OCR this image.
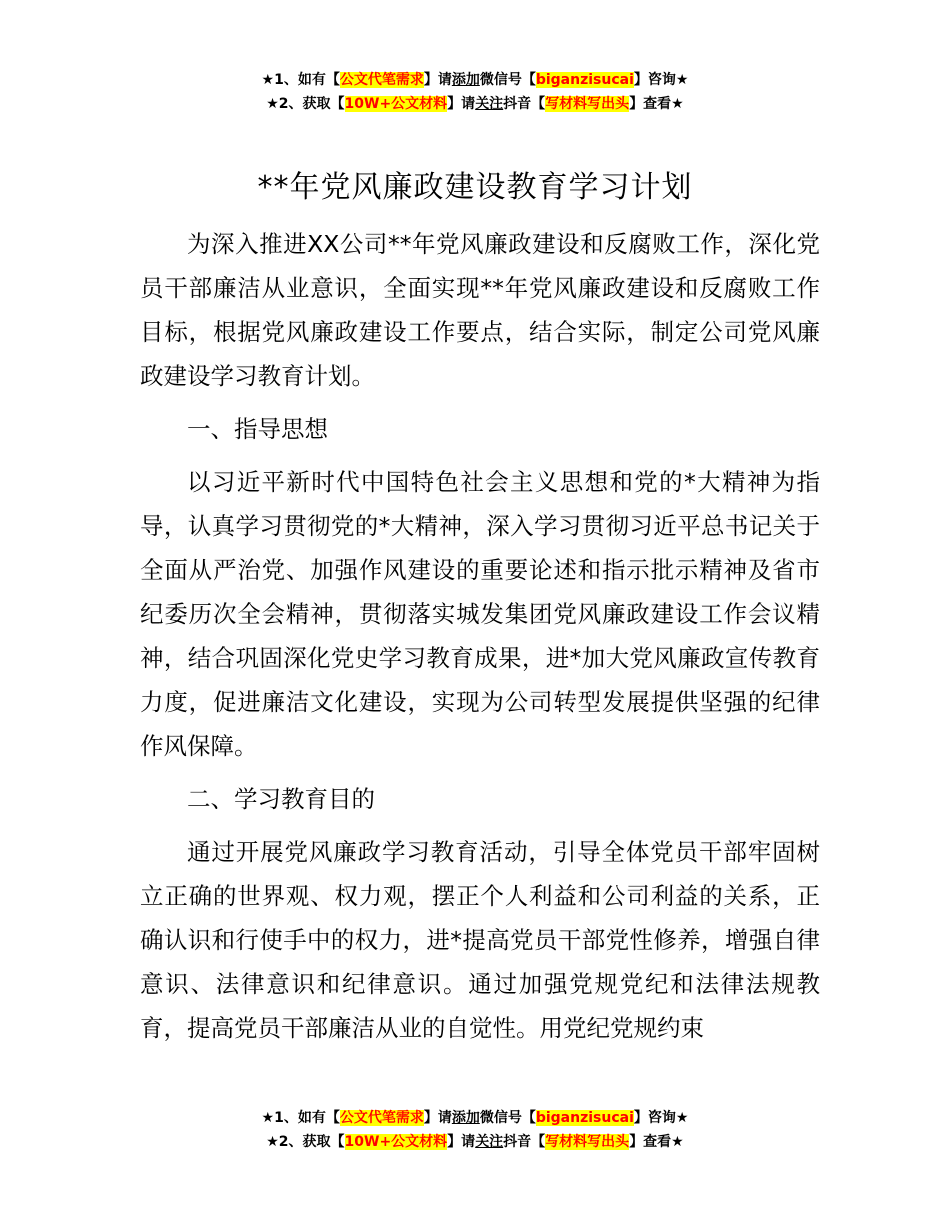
★1、如有【公文代笔需求】请添加微信号【biganzisucai】咨询★
★2、获取【10W+公文材料】请关注抖音【写材料写出头】查看★
**年党风廉政建设教育学习计划

为深入推进XX公司**年党风廉政建设和反腐败工作，深化党员干部廉洁从业意识，全面实现**年党风廉政建设和反腐败工作目标，根据党风廉政建设工作要点，结合实际，制定公司党风廉政建设学习教育计划。

一、指导思想

以习近平新时代中国特色社会主义思想和党的*大精神为指导，认真学习贯彻党的*大精神，深入学习贯彻习近平总书记关于全面从严治党、加强作风建设的重要论述和指示批示精神及省市纪委历次全会精神，贯彻落实城发集团党风廉政建设工作会议精神，结合巩固深化党史学习教育成果，进*加大党风廉政宣传教育力度，促进廉洁文化建设，实现为公司转型发展提供坚强的纪律作风保障。

二、学习教育目的

通过开展党风廉政学习教育活动，引导全体党员干部牢固树立正确的世界观、权力观，摆正个人利益和公司利益的关系，正确认识和行使手中的权力，进*提高党员干部党性修养，增强自律意识、法律意识和纪律意识。通过加强党规党纪和法律法规教育，提高党员干部廉洁从业的自觉性。用党纪党规约束

★1、如有【公文代笔需求】请添加微信号【biganzisucai】咨询★
★2、获取【10W+公文材料】请关注抖音【写材料写出头】查看★
